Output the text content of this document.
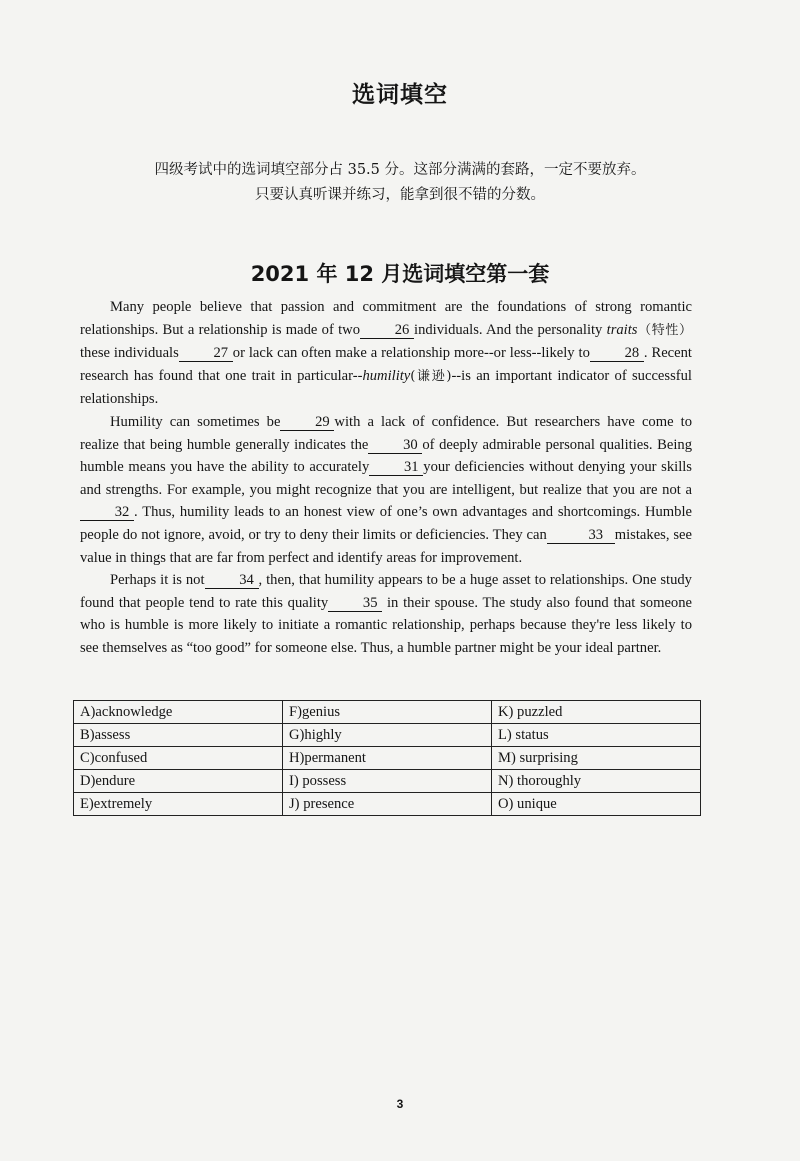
选词填空
四级考试中的选词填空部分占 35.5 分。这部分满满的套路，一定不要放弃。
只要认真听课并练习，能拿到很不错的分数。
2021 年 12 月选词填空第一套

Many people believe that passion and commitment are the foundations of strong romantic relationships. But a relationship is made of two 26 individuals. And the personality traits（特性） these individuals 27 or lack can often make a relationship more--or less--likely to 28 . Recent research has found that one trait in particular--humility(谦逊)--is an important indicator of successful relationships.

Humility can sometimes be 29 with a lack of confidence. But researchers have come to realize that being humble generally indicates the 30 of deeply admirable personal qualities. Being humble means you have the ability to accurately 31 your deficiencies without denying your skills and strengths. For example, you might recognize that you are intelligent, but realize that you are not a32 . Thus, humility leads to an honest view of one’s own advantages and shortcomings. Humble people do not ignore, avoid, or try to deny their limits or deficiencies. They can	33 mistakes, see value in things that are far from perfect and identify areas for improvement.

Perhaps it is not 34 , then, that humility appears to be a huge asset to relationships. One study found that people tend to rate this quality 35 in their spouse. The study also found that someone who is humble is more likely to initiate a romantic relationship, perhaps because they're less likely to see themselves as “too good” for someone else. Thus, a humble partner might be your ideal partner.

A)acknowledge	F)genius	K) puzzled
B)assess	G)highly	L) status
C)confused	H)permanent	M) surprising
D)endure	I) possess	N) thoroughly
E)extremely	J) presence	O) unique
3
